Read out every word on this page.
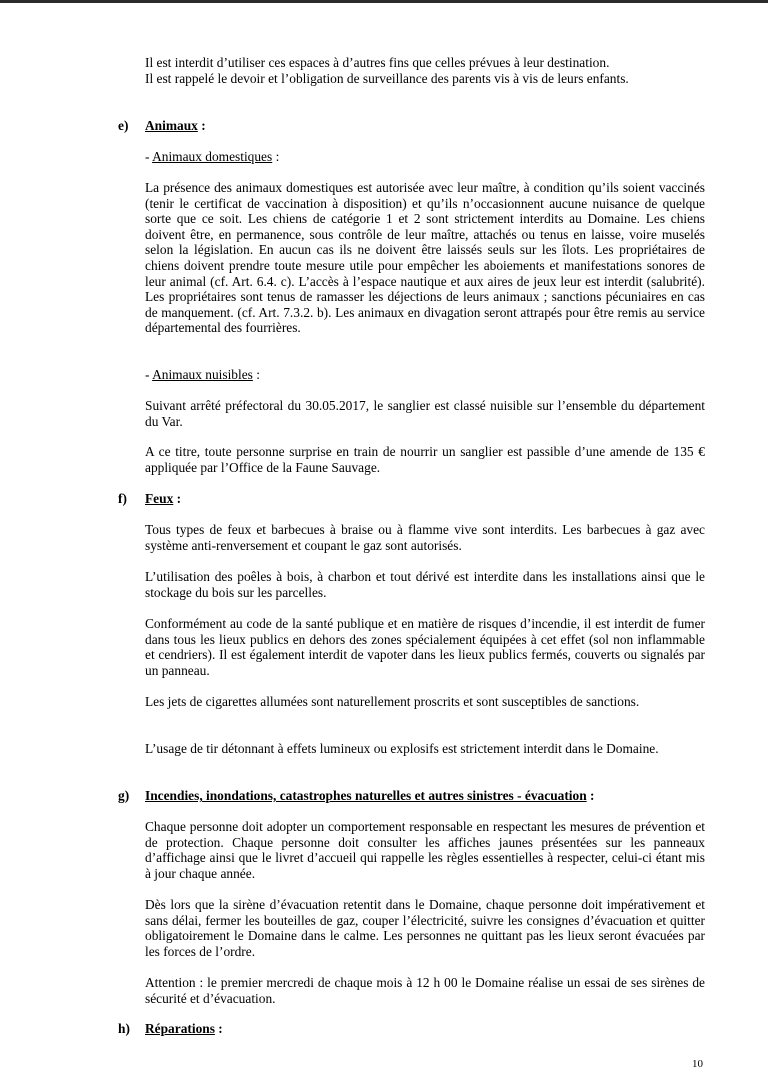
Il est interdit d’utiliser ces espaces à d’autres fins que celles prévues à leur destination.

Il est rappelé le devoir et l’obligation de surveillance des parents vis à vis de leurs enfants.

e) Animaux :

- Animaux domestiques :

La présence des animaux domestiques est autorisée avec leur maître, à condition qu’ils soient vaccinés (tenir le certificat de vaccination à disposition) et qu’ils n’occasionnent aucune nuisance de quelque sorte que ce soit. Les chiens de catégorie 1 et 2 sont strictement interdits au Domaine. Les chiens doivent être, en permanence, sous contrôle de leur maître, attachés ou tenus en laisse, voire muselés selon la législation. En aucun cas ils ne doivent être laissés seuls sur les îlots. Les propriétaires de chiens doivent prendre toute mesure utile pour empêcher les aboiements et manifestations sonores de leur animal (cf. Art. 6.4. c). L’accès à l’espace nautique et aux aires de jeux leur est interdit (salubrité). Les propriétaires sont tenus de ramasser les déjections de leurs animaux ; sanctions pécuniaires en cas de manquement. (cf. Art. 7.3.2. b). Les animaux en divagation seront attrapés pour être remis au service départemental des fourrières.

- Animaux nuisibles :

Suivant arrêté préfectoral du 30.05.2017, le sanglier est classé nuisible sur l’ensemble du département du Var.

A ce titre, toute personne surprise en train de nourrir un sanglier est passible d’une amende de 135 € appliquée par l’Office de la Faune Sauvage.

f) Feux :

Tous types de feux et barbecues à braise ou à flamme vive sont interdits. Les barbecues à gaz avec système anti-renversement et coupant le gaz sont autorisés.

L’utilisation des poêles à bois, à charbon et tout dérivé est interdite dans les installations ainsi que le stockage du bois sur les parcelles.

Conformément au code de la santé publique et en matière de risques d’incendie, il est interdit de fumer dans tous les lieux publics en dehors des zones spécialement équipées à cet effet (sol non inflammable et cendriers). Il est également interdit de vapoter dans les lieux publics fermés, couverts ou signalés par un panneau.

Les jets de cigarettes allumées sont naturellement proscrits et sont susceptibles de sanctions.

L’usage de tir détonnant à effets lumineux ou explosifs est strictement interdit dans le Domaine.

g) Incendies, inondations, catastrophes naturelles et autres sinistres - évacuation :

Chaque personne doit adopter un comportement responsable en respectant les mesures de prévention et de protection. Chaque personne doit consulter les affiches jaunes présentées sur les panneaux d’affichage ainsi que le livret d’accueil qui rappelle les règles essentielles à respecter, celui-ci étant mis à jour chaque année.

Dès lors que la sirène d’évacuation retentit dans le Domaine, chaque personne doit impérativement et sans délai, fermer les bouteilles de gaz, couper l’électricité, suivre les consignes d’évacuation et quitter obligatoirement le Domaine dans le calme. Les personnes ne quittant pas les lieux seront évacuées par les forces de l’ordre.

Attention : le premier mercredi de chaque mois à 12 h 00 le Domaine réalise un essai de ses sirènes de sécurité et d’évacuation.

h) Réparations :

10
